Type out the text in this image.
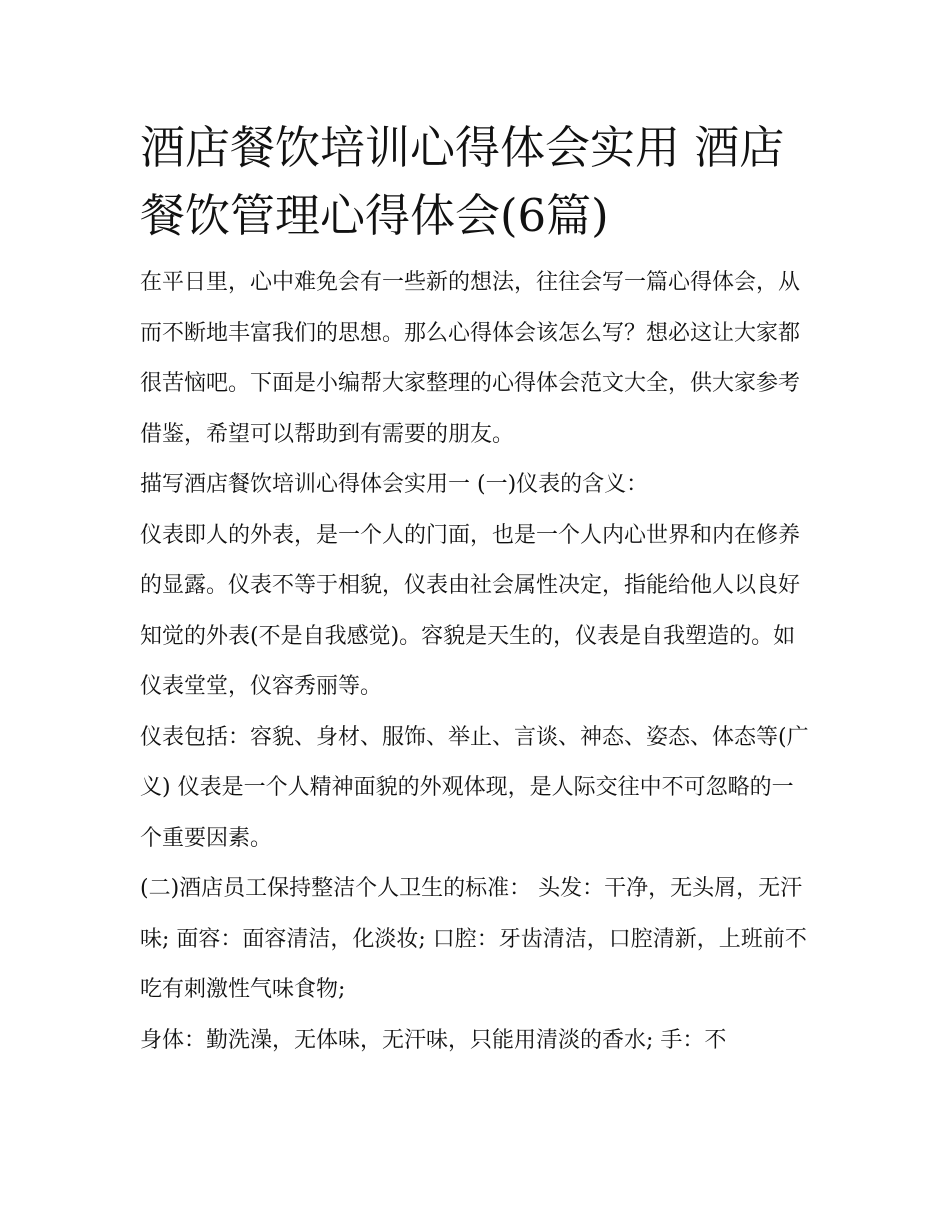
酒店餐饮培训心得体会实用 酒店餐饮管理心得体会(6篇)

在平日里，心中难免会有一些新的想法，往往会写一篇心得体会，从而不断地丰富我们的思想。那么心得体会该怎么写？想必这让大家都很苦恼吧。下面是小编帮大家整理的心得体会范文大全，供大家参考借鉴，希望可以帮助到有需要的朋友。

描写酒店餐饮培训心得体会实用一 (一)仪表的含义：

仪表即人的外表，是一个人的门面，也是一个人内心世界和内在修养的显露。仪表不等于相貌，仪表由社会属性决定，指能给他人以良好知觉的外表(不是自我感觉)。容貌是天生的，仪表是自我塑造的。如仪表堂堂，仪容秀丽等。

仪表包括：容貌、身材、服饰、举止、言谈、神态、姿态、体态等(广义) 仪表是一个人精神面貌的外观体现，是人际交往中不可忽略的一个重要因素。

(二)酒店员工保持整洁个人卫生的标准： 头发：干净，无头屑，无汗味; 面容：面容清洁，化淡妆; 口腔：牙齿清洁，口腔清新，上班前不吃有刺激性气味食物;

身体：勤洗澡，无体味，无汗味，只能用清淡的香水; 手：不
